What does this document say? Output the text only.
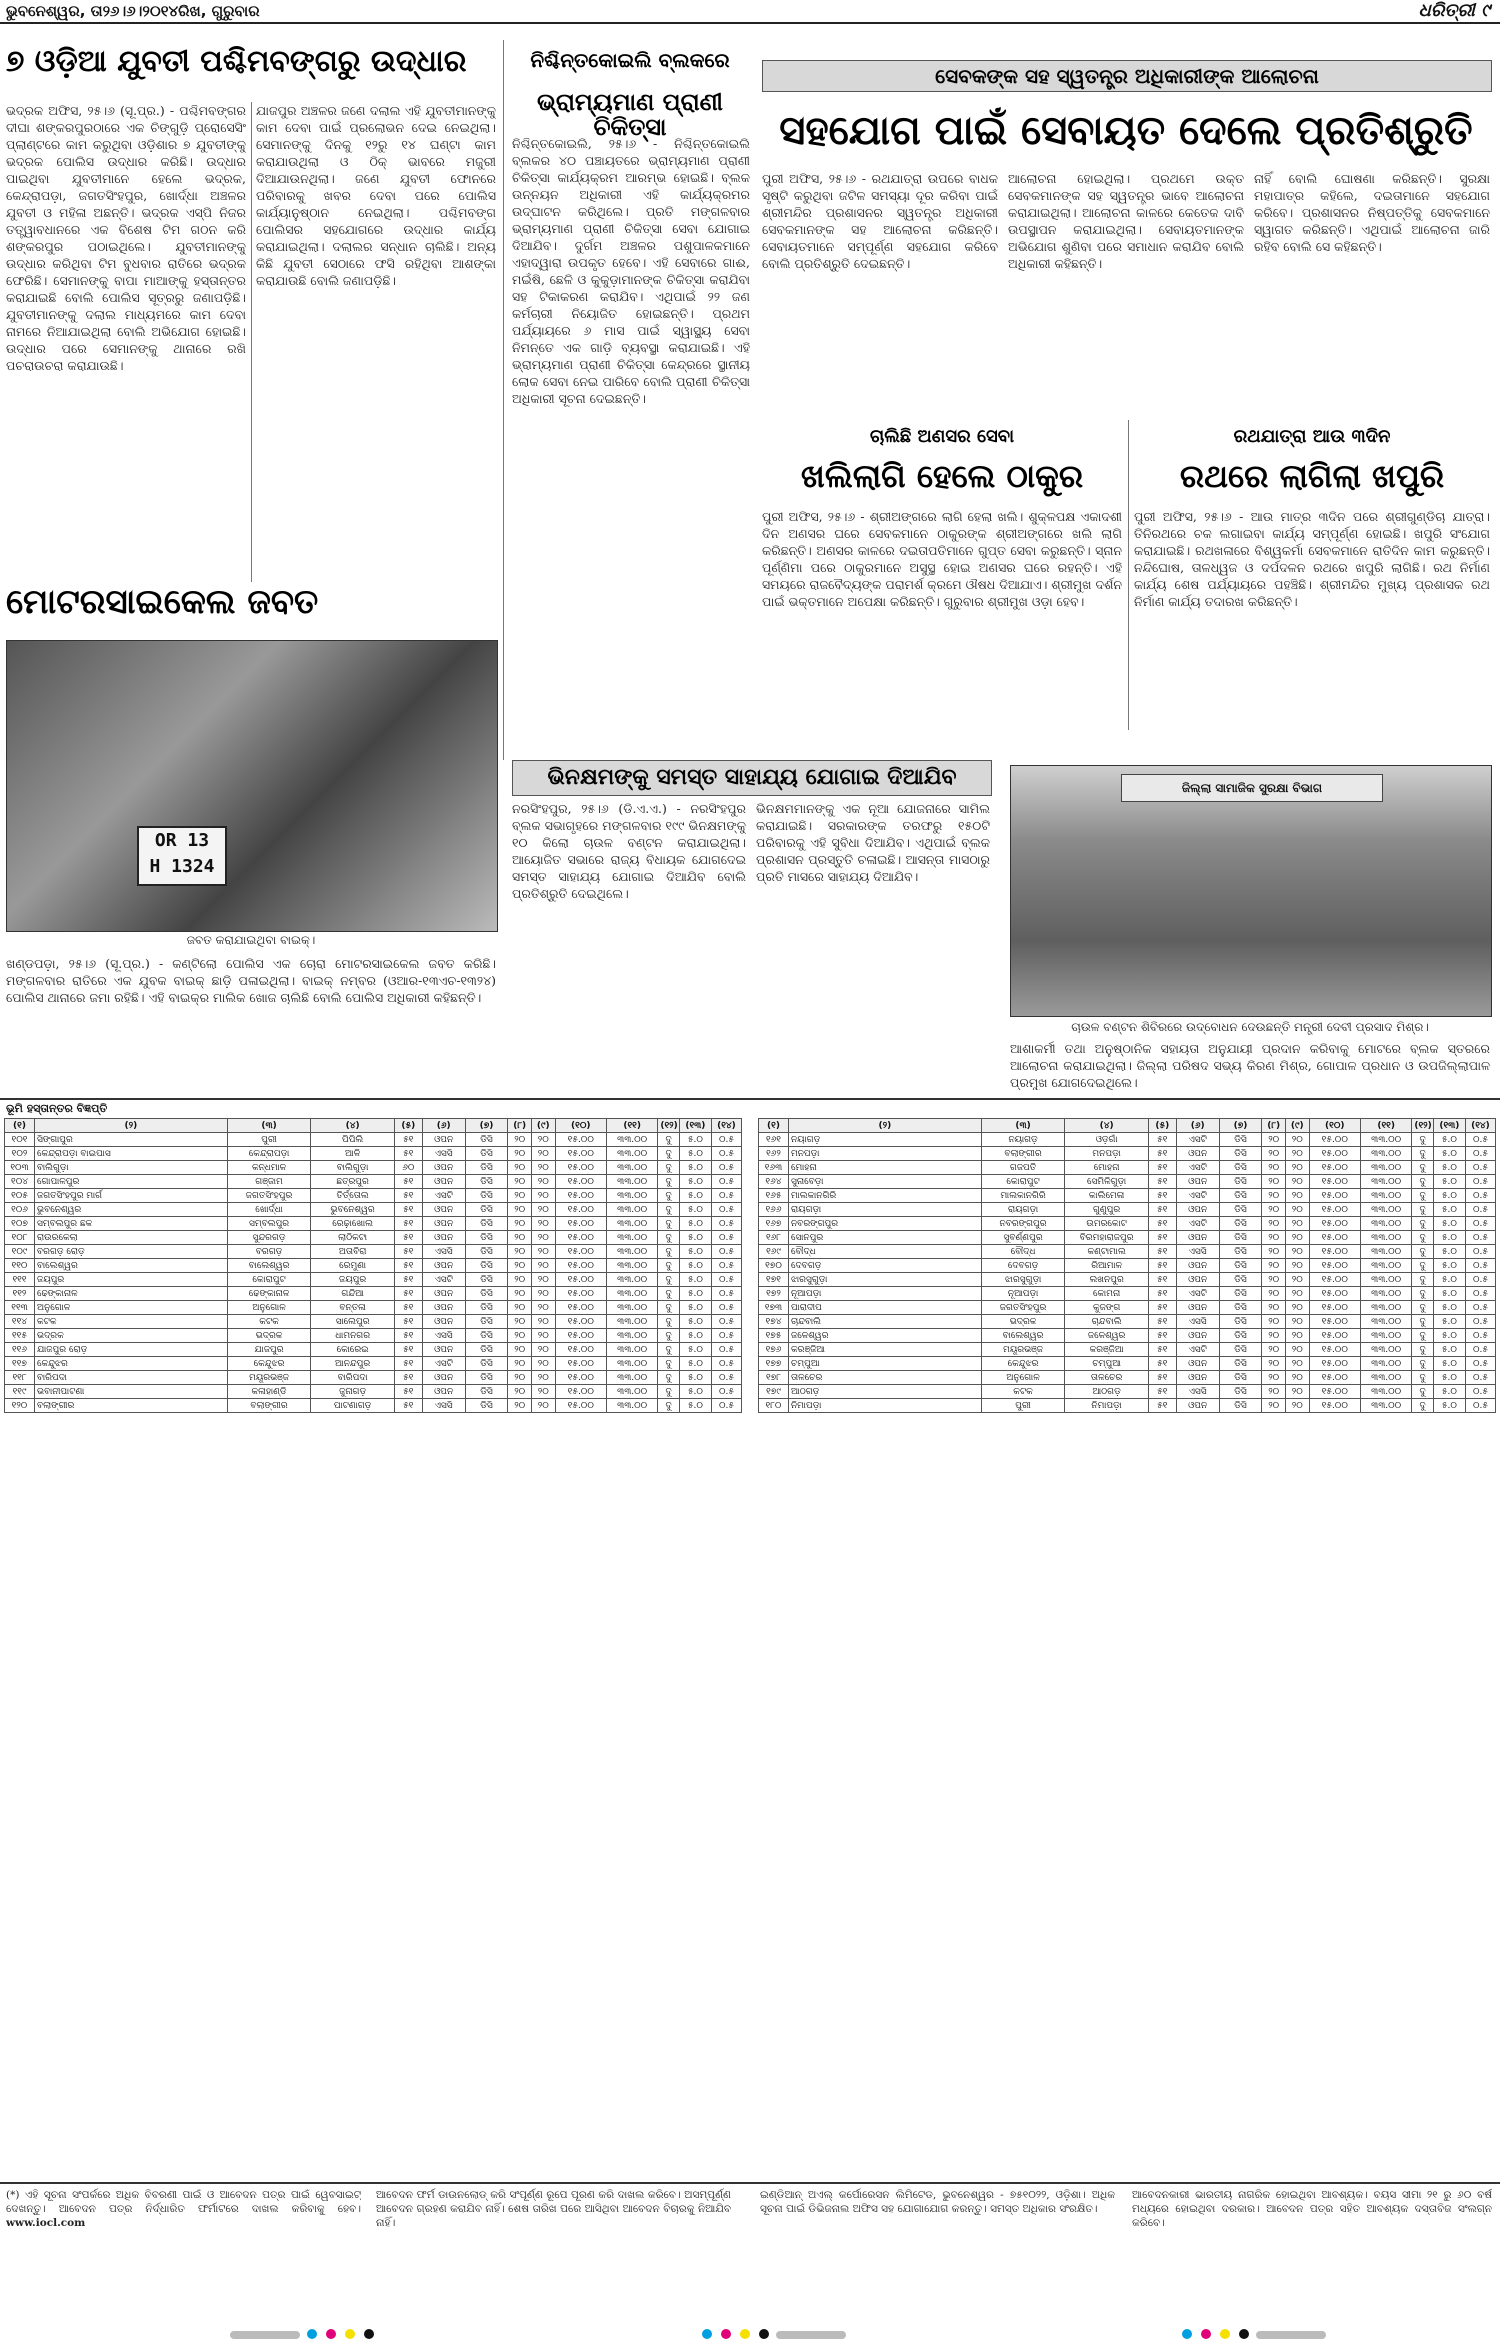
ଭୁବନେଶ୍ୱର, ତା୨୬।୬।୨୦୧୪ରିଖ, ଗୁରୁବାର	ଧରିତ୍ରୀ ୯
୭ ଓଡ଼ିଆ ଯୁବତୀ ପଶ୍ଚିମବଙ୍ଗରୁ ଉଦ୍ଧାର
ଭଦ୍ରକ ଅଫିସ, ୨୫।୬ (ସୂ.ପ୍ର.) - ପଶ୍ଚିମବଙ୍ଗର ଦୀଘା ଶଙ୍କରପୁରଠାରେ ଏକ ଚିଙ୍ଗୁଡ଼ି ପ୍ରୋସେସିଂ ପ୍ଲାଣ୍ଟରେ କାମ କରୁଥିବା ଓଡ଼ିଶାର ୭ ଯୁବତୀଙ୍କୁ ଭଦ୍ରକ ପୋଲିସ ଉଦ୍ଧାର କରିଛି। ଉଦ୍ଧାର ପାଇଥିବା ଯୁବତୀମାନେ ହେଲେ ଭଦ୍ରକ, କେନ୍ଦ୍ରାପଡ଼ା, ଜଗତସିଂହପୁର, ଖୋର୍ଦ୍ଧା ଅଞ୍ଚଳର ଯୁବତୀ ଓ ମହିଳା ଅଛନ୍ତି। ଭଦ୍ରକ ଏସ୍‌ପି ନିଜର ତତ୍ତ୍ୱାବଧାନରେ ଏକ ବିଶେଷ ଟିମ ଗଠନ କରି ଶଙ୍କରପୁର ପଠାଇଥିଲେ। ଯୁବତୀମାନଙ୍କୁ ଉଦ୍ଧାର କରିଥିବା ଟିମ ବୁଧବାର ରାତିରେ ଭଦ୍ରକ ଫେରିଛି। ସେମାନଙ୍କୁ ବାପା ମାଆଙ୍କୁ ହସ୍ତାନ୍ତର କରାଯାଇଛି ବୋଲି ପୋଲିସ ସୂତ୍ରରୁ ଜଣାପଡ଼ିଛି। ଯୁବତୀମାନଙ୍କୁ ଦଲାଲ ମାଧ୍ୟମରେ କାମ ଦେବା ନାମରେ ନିଆଯାଇଥିଲା ବୋଲି ଅଭିଯୋଗ ହୋଇଛି। ଉଦ୍ଧାର ପରେ ସେମାନଙ୍କୁ ଥାନାରେ ରଖି ପଚରାଉଚରା କରାଯାଉଛି।
ଯାଜପୁର ଅଞ୍ଚଳର ଜଣେ ଦଲାଲ ଏହି ଯୁବତୀମାନଙ୍କୁ କାମ ଦେବା ପାଇଁ ପ୍ରଲୋଭନ ଦେଇ ନେଇଥିଲା। ସେମାନଙ୍କୁ ଦିନକୁ ୧୨ରୁ ୧୪ ଘଣ୍ଟା କାମ କରାଯାଉଥିଲା ଓ ଠିକ୍ ଭାବରେ ମଜୁରୀ ଦିଆଯାଉନଥିଲା। ଜଣେ ଯୁବତୀ ଫୋନରେ ପରିବାରକୁ ଖବର ଦେବା ପରେ ପୋଲିସ କାର୍ଯ୍ୟାନୁଷ୍ଠାନ ନେଇଥିଲା। ପଶ୍ଚିମବଙ୍ଗ ପୋଲିସର ସହଯୋଗରେ ଉଦ୍ଧାର କାର୍ଯ୍ୟ କରାଯାଇଥିଲା। ଦଲାଲର ସନ୍ଧାନ ଚାଲିଛି। ଅନ୍ୟ କିଛି ଯୁବତୀ ସେଠାରେ ଫସି ରହିଥିବା ଆଶଙ୍କା କରାଯାଉଛି ବୋଲି ଜଣାପଡ଼ିଛି।
ମୋଟରସାଇକେଲ ଜବତ
OR 13
H 1324
ଜବତ କରାଯାଇଥିବା ବାଇକ୍।
ଖଣ୍ଡପଡ଼ା, ୨୫।୬ (ସୂ.ପ୍ର.) - କଣ୍ଟିଲୋ ପୋଲିସ ଏକ ଚୋରା ମୋଟରସାଇକେଲ ଜବତ କରିଛି। ମଙ୍ଗଳବାର ରାତିରେ ଏକ ଯୁବକ ବାଇକ୍ ଛାଡ଼ି ପଳାଇଥିଲା। ବାଇକ୍ ନମ୍ବର (ଓଆର-୧୩ଏଚ-୧୩୨୪) ପୋଲିସ ଥାନାରେ ଜମା ରହିଛି। ଏହି ବାଇକ୍‌ର ମାଲିକ ଖୋଜ ଚାଲିଛି ବୋଲି ପୋଲିସ ଅଧିକାରୀ କହିଛନ୍ତି।
ନିଶ୍ଚିନ୍ତକୋଇଲି ବ୍ଲକରେ
ଭ୍ରାମ୍ୟମାଣ ପ୍ରାଣୀ ଚିକିତ୍ସା
ନିଶ୍ଚିନ୍ତକୋଇଲି, ୨୫।୬ - ନିଶ୍ଚିନ୍ତକୋଇଲି ବ୍ଲକର ୪୦ ପଞ୍ଚାୟତରେ ଭ୍ରାମ୍ୟମାଣ ପ୍ରାଣୀ ଚିକିତ୍ସା କାର୍ଯ୍ୟକ୍ରମ ଆରମ୍ଭ ହୋଇଛି। ବ୍ଲକ ଉନ୍ନୟନ ଅଧିକାରୀ ଏହି କାର୍ଯ୍ୟକ୍ରମର ଉଦ୍‌ଘାଟନ କରିଥିଲେ। ପ୍ରତି ମଙ୍ଗଳବାର ଭ୍ରାମ୍ୟମାଣ ପ୍ରାଣୀ ଚିକିତ୍ସା ସେବା ଯୋଗାଇ ଦିଆଯିବ। ଦୁର୍ଗମ ଅଞ୍ଚଳର ପଶୁପାଳକମାନେ ଏହାଦ୍ୱାରା ଉପକୃତ ହେବେ। ଏହି ସେବାରେ ଗାଈ, ମଇଁଷି, ଛେଳି ଓ କୁକୁଡ଼ାମାନଙ୍କ ଚିକିତ୍ସା କରାଯିବା ସହ ଟିକାକରଣ କରାଯିବ। ଏଥିପାଇଁ ୨୨ ଜଣ କର୍ମଚାରୀ ନିୟୋଜିତ ହୋଇଛନ୍ତି। ପ୍ରଥମ ପର୍ଯ୍ୟାୟରେ ୬ ମାସ ପାଇଁ ସ୍ୱାସ୍ଥ୍ୟ ସେବା ନିମନ୍ତେ ଏକ ଗାଡ଼ି ବ୍ୟବସ୍ଥା କରାଯାଇଛି। ଏହି ଭ୍ରାମ୍ୟମାଣ ପ୍ରାଣୀ ଚିକିତ୍ସା କେନ୍ଦ୍ରରେ ସ୍ଥାନୀୟ ଲୋକ ସେବା ନେଇ ପାରିବେ ବୋଲି ପ୍ରାଣୀ ଚିକିତ୍ସା ଅଧିକାରୀ ସୂଚନା ଦେଇଛନ୍ତି।
ସେବକଙ୍କ ସହ ସ୍ୱତନ୍ତ୍ର ଅଧିକାରୀଙ୍କ ଆଲୋଚନା
ସହଯୋଗ ପାଇଁ ସେବାୟତ ଦେଲେ ପ୍ରତିଶ୍ରୁତି
ପୁରୀ ଅଫିସ, ୨୫।୬ - ରଥଯାତ୍ରା ଉପରେ ବାଧକ ସୃଷ୍ଟି କରୁଥିବା ଜଟିଳ ସମସ୍ୟା ଦୂର କରିବା ପାଇଁ ଶ୍ରୀମନ୍ଦିର ପ୍ରଶାସନର ସ୍ୱତନ୍ତ୍ର ଅଧିକାରୀ ସେବକମାନଙ୍କ ସହ ଆଲୋଚନା କରିଛନ୍ତି। ସେବାୟତମାନେ ସମ୍ପୂର୍ଣ୍ଣ ସହଯୋଗ କରିବେ ବୋଲି ପ୍ରତିଶ୍ରୁତି ଦେଇଛନ୍ତି।
ଆଲୋଚନା ହୋଇଥିଲା। ପ୍ରଥମେ ଉକ୍ତ ସେବକମାନଙ୍କ ସହ ସ୍ୱତନ୍ତ୍ର ଭାବେ ଆଲୋଚନା କରାଯାଇଥିଲା। ଆଲୋଚନା କାଳରେ କେତେକ ଦାବି ଉପସ୍ଥାପନ କରାଯାଇଥିଲା। ସେବାୟତମାନଙ୍କ ଅଭିଯୋଗ ଶୁଣିବା ପରେ ସମାଧାନ କରାଯିବ ବୋଲି ଅଧିକାରୀ କହିଛନ୍ତି।
ନାହିଁ ବୋଲି ଘୋଷଣା କରିଛନ୍ତି। ସୁରକ୍ଷା ମହାପାତ୍ର କହିଲେ, ଦଇତାମାନେ ସହଯୋଗ କରିବେ। ପ୍ରଶାସନର ନିଷ୍ପତ୍ତିକୁ ସେବକମାନେ ସ୍ୱାଗତ କରିଛନ୍ତି। ଏଥିପାଇଁ ଆଲୋଚନା ଜାରି ରହିବ ବୋଲି ସେ କହିଛନ୍ତି।
ଚାଲିଛି ଅଣସର ସେବା
ଖଲିଲାଗି ହେଲେ ଠାକୁର
ପୁରୀ ଅଫିସ, ୨୫।୬ - ଶ୍ରୀଅଙ୍ଗରେ ଲାଗି ହେଲା ଖଲି। ଶୁକ୍ଳପକ୍ଷ ଏକାଦଶୀ ଦିନ ଅଣସର ଘରେ ସେବକମାନେ ଠାକୁରଙ୍କ ଶ୍ରୀଅଙ୍ଗରେ ଖଲି ଲାଗି କରିଛନ୍ତି। ଅଣସର କାଳରେ ଦଇତାପତିମାନେ ଗୁପ୍ତ ସେବା କରୁଛନ୍ତି। ସ୍ନାନ ପୂର୍ଣ୍ଣିମା ପରେ ଠାକୁରମାନେ ଅସୁସ୍ଥ ହୋଇ ଅଣସର ଘରେ ରହନ୍ତି। ଏହି ସମୟରେ ରାଜବୈଦ୍ୟଙ୍କ ପରାମର୍ଶ କ୍ରମେ ଔଷଧ ଦିଆଯାଏ। ଶ୍ରୀମୁଖ ଦର୍ଶନ ପାଇଁ ଭକ୍ତମାନେ ଅପେକ୍ଷା କରିଛନ୍ତି। ଗୁରୁବାର ଶ୍ରୀମୁଖ ଓଡ଼ା ହେବ।
ରଥଯାତ୍ରା ଆଉ ୩ଦିନ
ରଥରେ ଲାଗିଲା ଖପୁରି
ପୁରୀ ଅଫିସ, ୨୫।୬ - ଆଉ ମାତ୍ର ୩ଦିନ ପରେ ଶ୍ରୀଗୁଣ୍ଡିଚା ଯାତ୍ରା। ତିନିରଥରେ ଚକ ଲଗାଇବା କାର୍ଯ୍ୟ ସମ୍ପୂର୍ଣ୍ଣ ହୋଇଛି। ଖପୁରି ସଂଯୋଗ କରାଯାଇଛି। ରଥଖଳାରେ ବିଶ୍ୱକର୍ମା ସେବକମାନେ ରାତିଦିନ କାମ କରୁଛନ୍ତି। ନନ୍ଦିଘୋଷ, ତାଳଧ୍ୱଜ ଓ ଦର୍ପଦଳନ ରଥରେ ଖପୁରି ଲାଗିଛି। ରଥ ନିର୍ମାଣ କାର୍ଯ୍ୟ ଶେଷ ପର୍ଯ୍ୟାୟରେ ପହଞ୍ଚିଛି। ଶ୍ରୀମନ୍ଦିର ମୁଖ୍ୟ ପ୍ରଶାସକ ରଥ ନିର୍ମାଣ କାର୍ଯ୍ୟ ତଦାରଖ କରିଛନ୍ତି।
ଭିନକ୍ଷମଙ୍କୁ ସମସ୍ତ ସାହାଯ୍ୟ ଯୋଗାଇ ଦିଆଯିବ
ନରସିଂହପୁର, ୨୫।୬ (ଡି.ଏ.ଏ.) - ନରସିଂହପୁର ବ୍ଲକ ସଭାଗୃହରେ ମଙ୍ଗଳବାର ୧୯୯ ଭିନକ୍ଷମଙ୍କୁ ୧୦ କିଲୋ ଚାଉଳ ବଣ୍ଟନ କରାଯାଇଥିଲା। ଆୟୋଜିତ ସଭାରେ ରାଜ୍ୟ ବିଧାୟକ ଯୋଗଦେଇ ସମସ୍ତ ସାହାଯ୍ୟ ଯୋଗାଇ ଦିଆଯିବ ବୋଲି ପ୍ରତିଶ୍ରୁତି ଦେଇଥିଲେ।
ଭିନକ୍ଷମମାନଙ୍କୁ ଏକ ନୂଆ ଯୋଜନାରେ ସାମିଲ କରାଯାଇଛି। ସରକାରଙ୍କ ତରଫରୁ ୧୫୦ଟି ପରିବାରକୁ ଏହି ସୁବିଧା ଦିଆଯିବ। ଏଥିପାଇଁ ବ୍ଲକ ପ୍ରଶାସନ ପ୍ରସ୍ତୁତି ଚଳାଇଛି। ଆସନ୍ତା ମାସଠାରୁ ପ୍ରତି ମାସରେ ସାହାଯ୍ୟ ଦିଆଯିବ।
ଜିଲ୍ଲା ସାମାଜିକ ସୁରକ୍ଷା ବିଭାଗ
ଚାଉଳ ବଣ୍ଟନ ଶିବିରରେ ଉଦ୍‌ବୋଧନ ଦେଉଛନ୍ତି ମନ୍ତ୍ରୀ ଦେବୀ ପ୍ରସାଦ ମିଶ୍ର।
ଆଶାକର୍ମୀ ତଥା ଅନୁଷ୍ଠାନିକ ସହାୟତା ଅନୁଯାୟୀ ପ୍ରଦାନ କରିବାକୁ ମୋଟରେ ବ୍ଲକ ସ୍ତରରେ ଆଲୋଚନା କରାଯାଇଥିଲା। ଜିଲ୍ଲା ପରିଷଦ ସଭ୍ୟ କିରଣ ମିଶ୍ର, ଗୋପାଳ ପ୍ରଧାନ ଓ ଉପଜିଲ୍ଲାପାଳ ପ୍ରମୁଖ ଯୋଗଦେଇଥିଲେ।
ଭୂମି ହସ୍ତାନ୍ତର ବିଜ୍ଞପ୍ତି
(୧)	(୨)	(୩)	(୪)	(୫)	(୬)	(୭)	(୮)	(୯)	(୧୦)	(୧୧)	(୧୨)	(୧୩)	(୧୪)
୧୦୧	ସିଙ୍ଗାପୁର	ପୁରୀ	ପିପିଲି	୫୧	ଓପନ	ଡିସି	୨୦	୨୦	୧୫.୦୦	୩୩.୦୦	ଦୁ	୫.୦	୦.୫
୧୦୨	କେନ୍ଦ୍ରାପଡ଼ା ବାଇପାସ	କେନ୍ଦ୍ରାପଡ଼ା	ଆଳି	୫୧	ଏସସି	ଡିସି	୨୦	୨୦	୧୫.୦୦	୩୩.୦୦	ଦୁ	୫.୦	୦.୫
୧୦୩	ବାଲିଗୁଡ଼ା	କନ୍ଧମାଳ	ବାଲିଗୁଡ଼ା	୬୦	ଓପନ	ଡିସି	୨୦	୨୦	୧୫.୦୦	୩୩.୦୦	ଦୁ	୫.୦	୦.୫
୧୦୪	ଗୋପାଳପୁର	ଗଞ୍ଜାମ	ଛତ୍ରପୁର	୫୧	ଓପନ	ଡିସି	୨୦	୨୦	୧୫.୦୦	୩୩.୦୦	ଦୁ	୫.୦	୦.୫
୧୦୫	ଜଗତସିଂହପୁର ମାର୍ଗ	ଜଗତସିଂହପୁର	ତିର୍ତ୍ତୋଲ	୫୧	ଏସଟି	ଡିସି	୨୦	୨୦	୧୫.୦୦	୩୩.୦୦	ଦୁ	୫.୦	୦.୫
୧୦୬	ଭୁବନେଶ୍ୱର	ଖୋର୍ଦ୍ଧା	ଭୁବନେଶ୍ୱର	୫୧	ଓପନ	ଡିସି	୨୦	୨୦	୧୫.୦୦	୩୩.୦୦	ଦୁ	୫.୦	୦.୫
୧୦୭	ସମ୍ବଲପୁର ଛକ	ସମ୍ବଲପୁର	ରେଢ଼ାଖୋଲ	୫୧	ଓପନ	ଡିସି	୨୦	୨୦	୧୫.୦୦	୩୩.୦୦	ଦୁ	୫.୦	୦.୫
୧୦୮	ରାଉରକେଲା	ସୁନ୍ଦରଗଡ଼	ଲାଠିକଟା	୫୧	ଓପନ	ଡିସି	୨୦	୨୦	୧୫.୦୦	୩୩.୦୦	ଦୁ	୫.୦	୦.୫
୧୦୯	ବରଗଡ଼ ରୋଡ଼	ବରଗଡ଼	ଅତାବିରା	୫୧	ଏସସି	ଡିସି	୨୦	୨୦	୧୫.୦୦	୩୩.୦୦	ଦୁ	୫.୦	୦.୫
୧୧୦	ବାଲେଶ୍ୱର	ବାଲେଶ୍ୱର	ରେମୁଣା	୫୧	ଓପନ	ଡିସି	୨୦	୨୦	୧୫.୦୦	୩୩.୦୦	ଦୁ	୫.୦	୦.୫
୧୧୧	ଜୟପୁର	କୋରାପୁଟ	ଜୟପୁର	୫୧	ଏସଟି	ଡିସି	୨୦	୨୦	୧୫.୦୦	୩୩.୦୦	ଦୁ	୫.୦	୦.୫
୧୧୨	ଢେଙ୍କାନାଳ	ଢେଙ୍କାନାଳ	ଗନ୍ଦିଆ	୫୧	ଓପନ	ଡିସି	୨୦	୨୦	୧୫.୦୦	୩୩.୦୦	ଦୁ	୫.୦	୦.୫
୧୧୩	ଅନୁଗୋଳ	ଅନୁଗୋଳ	ବନ୍ତଳା	୫୧	ଓପନ	ଡିସି	୨୦	୨୦	୧୫.୦୦	୩୩.୦୦	ଦୁ	୫.୦	୦.୫
୧୧୪	କଟକ	କଟକ	ସାଲେପୁର	୫୧	ଓପନ	ଡିସି	୨୦	୨୦	୧୫.୦୦	୩୩.୦୦	ଦୁ	୫.୦	୦.୫
୧୧୫	ଭଦ୍ରକ	ଭଦ୍ରକ	ଧାମନଗର	୫୧	ଏସସି	ଡିସି	୨୦	୨୦	୧୫.୦୦	୩୩.୦୦	ଦୁ	୫.୦	୦.୫
୧୧୬	ଯାଜପୁର ରୋଡ଼	ଯାଜପୁର	କୋରେଇ	୫୧	ଓପନ	ଡିସି	୨୦	୨୦	୧୫.୦୦	୩୩.୦୦	ଦୁ	୫.୦	୦.୫
୧୧୭	କେନ୍ଦୁଝର	କେନ୍ଦୁଝର	ଆନନ୍ଦପୁର	୫୧	ଏସଟି	ଡିସି	୨୦	୨୦	୧୫.୦୦	୩୩.୦୦	ଦୁ	୫.୦	୦.୫
୧୧୮	ବାରିପଦା	ମୟୂରଭଞ୍ଜ	ବାରିପଦା	୫୧	ଓପନ	ଡିସି	୨୦	୨୦	୧୫.୦୦	୩୩.୦୦	ଦୁ	୫.୦	୦.୫
୧୧୯	ଭବାନୀପାଟଣା	କଳାହାଣ୍ଡି	ଜୁନାଗଡ଼	୫୧	ଓପନ	ଡିସି	୨୦	୨୦	୧୫.୦୦	୩୩.୦୦	ଦୁ	୫.୦	୦.୫
୧୨୦	ବଲାଙ୍ଗୀର	ବଲାଙ୍ଗୀର	ପାଟଣାଗଡ଼	୫୧	ଏସସି	ଡିସି	୨୦	୨୦	୧୫.୦୦	୩୩.୦୦	ଦୁ	୫.୦	୦.୫
(୧)	(୨)	(୩)	(୪)	(୫)	(୬)	(୭)	(୮)	(୯)	(୧୦)	(୧୧)	(୧୨)	(୧୩)	(୧୪)
୧୬୧	ନୟାଗଡ଼	ନୟାଗଡ଼	ଓଡ଼ଗାଁ	୫୧	ଏସଟି	ଡିସି	୨୦	୨୦	୧୫.୦୦	୩୩.୦୦	ଦୁ	୫.୦	୦.୫
୧୬୨	ମନପଡ଼ା	ବଲାଙ୍ଗୀର	ମନପଡ଼ା	୫୧	ଓପନ	ଡିସି	୨୦	୨୦	୧୫.୦୦	୩୩.୦୦	ଦୁ	୫.୦	୦.୫
୧୬୩	ମୋହନା	ଗଜପତି	ମୋହନା	୫୧	ଏସଟି	ଡିସି	୨୦	୨୦	୧୫.୦୦	୩୩.୦୦	ଦୁ	୫.୦	୦.୫
୧୬୪	ସୁନାବେଡ଼ା	କୋରାପୁଟ	ସେମିଳିଗୁଡ଼ା	୫୧	ଓପନ	ଡିସି	୨୦	୨୦	୧୫.୦୦	୩୩.୦୦	ଦୁ	୫.୦	୦.୫
୧୬୫	ମାଲକାନଗିରି	ମାଲକାନଗିରି	କାଲିମେଳା	୫୧	ଏସଟି	ଡିସି	୨୦	୨୦	୧୫.୦୦	୩୩.୦୦	ଦୁ	୫.୦	୦.୫
୧୬୬	ରାୟଗଡ଼ା	ରାୟଗଡ଼ା	ଗୁଣୁପୁର	୫୧	ଓପନ	ଡିସି	୨୦	୨୦	୧୫.୦୦	୩୩.୦୦	ଦୁ	୫.୦	୦.୫
୧୬୭	ନବରଙ୍ଗପୁର	ନବରଙ୍ଗପୁର	ଉମରକୋଟ	୫୧	ଏସଟି	ଡିସି	୨୦	୨୦	୧୫.୦୦	୩୩.୦୦	ଦୁ	୫.୦	୦.୫
୧୬୮	ସୋନପୁର	ସୁବର୍ଣ୍ଣପୁର	ବିରମହାରାଜପୁର	୫୧	ଓପନ	ଡିସି	୨୦	୨୦	୧୫.୦୦	୩୩.୦୦	ଦୁ	୫.୦	୦.୫
୧୬୯	ବୌଦ୍ଧ	ବୌଦ୍ଧ	କଣ୍ଟାମାଲ	୫୧	ଏସସି	ଡିସି	୨୦	୨୦	୧୫.୦୦	୩୩.୦୦	ଦୁ	୫.୦	୦.୫
୧୭୦	ଦେବଗଡ଼	ଦେବଗଡ଼	ରିଆମାଳ	୫୧	ଓପନ	ଡିସି	୨୦	୨୦	୧୫.୦୦	୩୩.୦୦	ଦୁ	୫.୦	୦.୫
୧୭୧	ଝାରସୁଗୁଡ଼ା	ଝାରସୁଗୁଡ଼ା	ଲଖନପୁର	୫୧	ଓପନ	ଡିସି	୨୦	୨୦	୧୫.୦୦	୩୩.୦୦	ଦୁ	୫.୦	୦.୫
୧୭୨	ନୂଆପଡ଼ା	ନୂଆପଡ଼ା	କୋମନା	୫୧	ଏସଟି	ଡିସି	୨୦	୨୦	୧୫.୦୦	୩୩.୦୦	ଦୁ	୫.୦	୦.୫
୧୭୩	ପାରାଦୀପ	ଜଗତସିଂହପୁର	କୁଜଙ୍ଗ	୫୧	ଓପନ	ଡିସି	୨୦	୨୦	୧୫.୦୦	୩୩.୦୦	ଦୁ	୫.୦	୦.୫
୧୭୪	ଚାନ୍ଦବାଲି	ଭଦ୍ରକ	ଚାନ୍ଦବାଲି	୫୧	ଏସସି	ଡିସି	୨୦	୨୦	୧୫.୦୦	୩୩.୦୦	ଦୁ	୫.୦	୦.୫
୧୭୫	ଜଳେଶ୍ୱର	ବାଲେଶ୍ୱର	ଜଳେଶ୍ୱର	୫୧	ଓପନ	ଡିସି	୨୦	୨୦	୧୫.୦୦	୩୩.୦୦	ଦୁ	୫.୦	୦.୫
୧୭୬	କରଞ୍ଜିଆ	ମୟୂରଭଞ୍ଜ	କରଞ୍ଜିଆ	୫୧	ଏସଟି	ଡିସି	୨୦	୨୦	୧୫.୦୦	୩୩.୦୦	ଦୁ	୫.୦	୦.୫
୧୭୭	ଚମ୍ପୁଆ	କେନ୍ଦୁଝର	ଚମ୍ପୁଆ	୫୧	ଓପନ	ଡିସି	୨୦	୨୦	୧୫.୦୦	୩୩.୦୦	ଦୁ	୫.୦	୦.୫
୧୭୮	ତାଳଚେର	ଅନୁଗୋଳ	ତାଳଚେର	୫୧	ଓପନ	ଡିସି	୨୦	୨୦	୧୫.୦୦	୩୩.୦୦	ଦୁ	୫.୦	୦.୫
୧୭୯	ଆଠଗଡ଼	କଟକ	ଆଠଗଡ଼	୫୧	ଏସସି	ଡିସି	୨୦	୨୦	୧୫.୦୦	୩୩.୦୦	ଦୁ	୫.୦	୦.୫
୧୮୦	ନିମାପଡ଼ା	ପୁରୀ	ନିମାପଡ଼ା	୫୧	ଓପନ	ଡିସି	୨୦	୨୦	୧୫.୦୦	୩୩.୦୦	ଦୁ	୫.୦	୦.୫
(*) ଏହି ସୂଚନା ସଂପର୍କରେ ଅଧିକ ବିବରଣୀ ପାଇଁ ଓ ଆବେଦନ ପତ୍ର ପାଇଁ ୱେବସାଇଟ୍ ଦେଖନ୍ତୁ। ଆବେଦନ ପତ୍ର ନିର୍ଦ୍ଧାରିତ ଫର୍ମାଟରେ ଦାଖଲ କରିବାକୁ ହେବ। www.iocl.com
ଆବେଦନ ଫର୍ମ ଡାଉନଲୋଡ୍ କରି ସଂପୂର୍ଣ୍ଣ ରୂପେ ପୂରଣ କରି ଦାଖଲ କରିବେ। ଅସମ୍ପୂର୍ଣ୍ଣ ଆବେଦନ ଗ୍ରହଣ କରାଯିବ ନାହିଁ। ଶେଷ ତାରିଖ ପରେ ଆସିଥିବା ଆବେଦନ ବିଚାରକୁ ନିଆଯିବ ନାହିଁ।
ଇଣ୍ଡିଆନ୍ ଅଏଲ୍ କର୍ପୋରେସନ ଲିମିଟେଡ, ଭୁବନେଶ୍ୱର - ୭୫୧୦୨୨, ଓଡ଼ିଶା। ଅଧିକ ସୂଚନା ପାଇଁ ଡିଭିଜନାଲ ଅଫିସ ସହ ଯୋଗାଯୋଗ କରନ୍ତୁ। ସମସ୍ତ ଅଧିକାର ସଂରକ୍ଷିତ।
ଆବେଦନକାରୀ ଭାରତୀୟ ନାଗରିକ ହୋଇଥିବା ଆବଶ୍ୟକ। ବୟସ ସୀମା ୨୧ ରୁ ୬୦ ବର୍ଷ ମଧ୍ୟରେ ହୋଇଥିବା ଦରକାର। ଆବେଦନ ପତ୍ର ସହିତ ଆବଶ୍ୟକ ଦସ୍ତାବିଜ ସଂଲଗ୍ନ କରିବେ।
